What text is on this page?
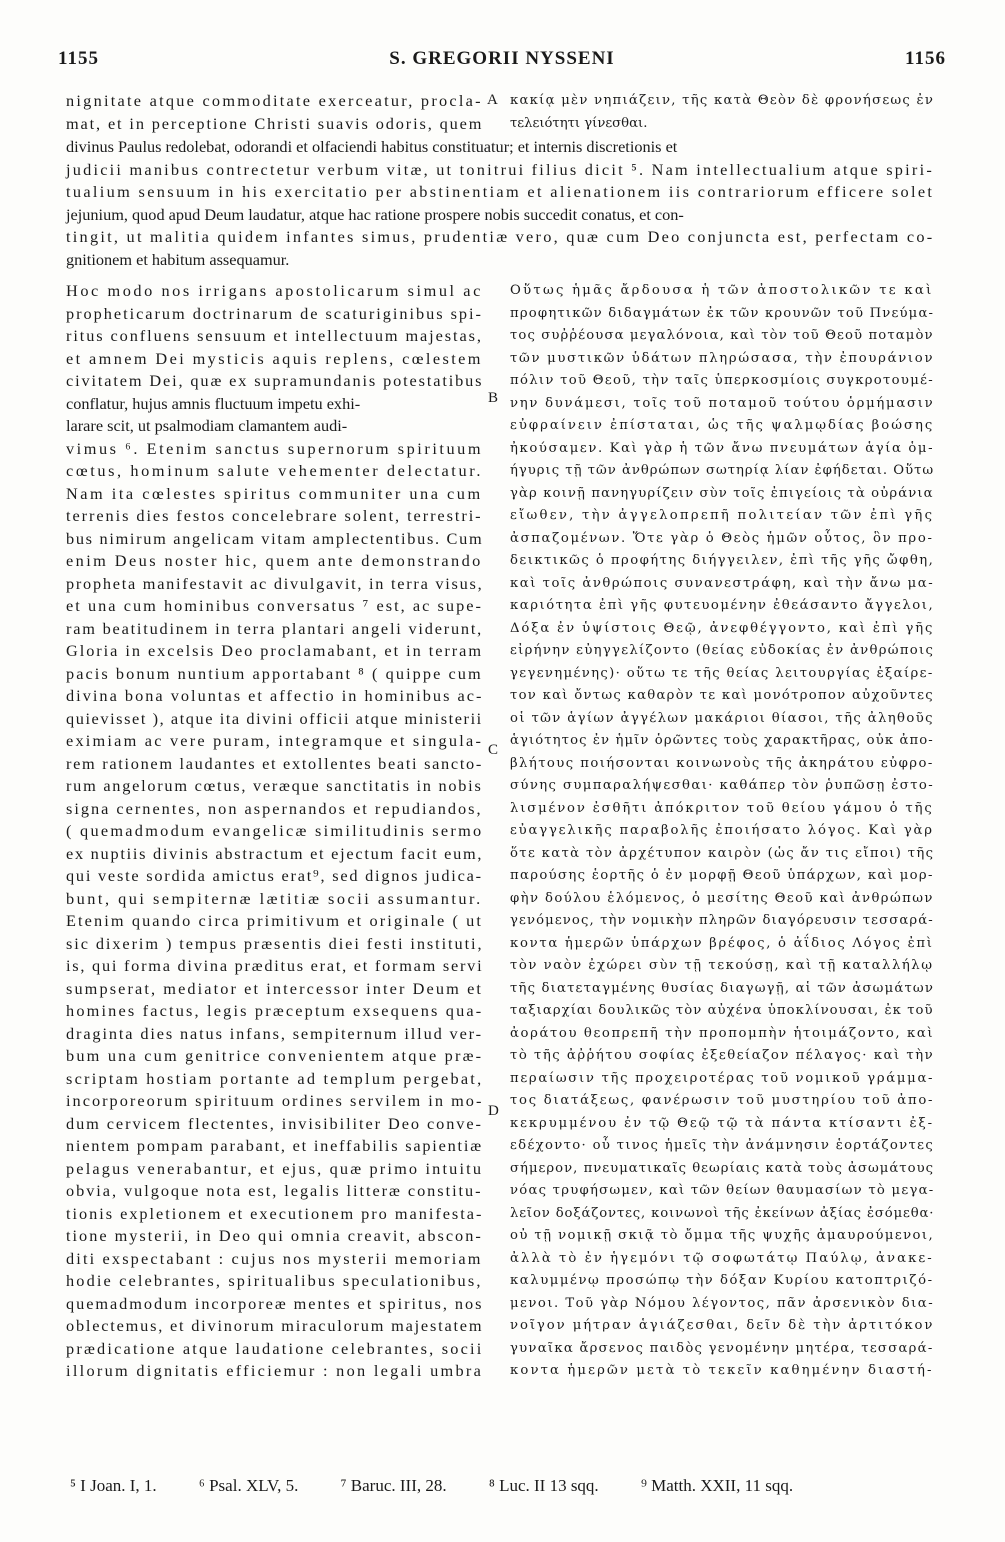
1155	S. GREGORII NYSSENI	1156
nignitate atque commoditate exerceatur, procla- κακίᾳ μὲν νηπιάζειν, τῆς κατὰ Θεὸν δὲ φρονήσεως ἐν
mat, et in perceptione Christi suavis odoris, quem τελειότητι γίνεσθαι.
divinus Paulus redolebat, odorandi et olfaciendi habitus constituatur; et internis discretionis et
judicii manibus contrectetur verbum vitæ, ut tonitrui filius dicit ⁵. Nam intellectualium atque spiri-
tualium sensuum in his exercitatio per abstinentiam et alienationem iis contrariorum efficere solet
jejunium, quod apud Deum laudatur, atque hac ratione prospere nobis succedit conatus, et con-
tingit, ut malitia quidem infantes simus, prudentiæ vero, quæ cum Deo conjuncta est, perfectam co-
gnitionem et habitum assequamur.
Hoc modo nos irrigans apostolicarum simul ac
propheticarum doctrinarum de scaturiginibus spi-
ritus confluens sensuum et intellectuum majestas,
et amnem Dei mysticis aquis replens, cœlestem
civitatem Dei, quæ ex supramundanis potestatibus
conflatur, hujus amnis fluctuum impetu exhi-
larare scit, ut psalmodiam clamantem audi-
vimus ⁶. Etenim sanctus supernorum spirituum
cœtus, hominum salute vehementer delectatur.
Nam ita cœlestes spiritus communiter una cum
terrenis dies festos concelebrare solent, terrestri-
bus nimirum angelicam vitam amplectentibus. Cum
enim Deus noster hic, quem ante demonstrando
propheta manifestavit ac divulgavit, in terra visus,
et una cum hominibus conversatus ⁷ est, ac supe-
ram beatitudinem in terra plantari angeli viderunt,
Gloria in excelsis Deo proclamabant, et in terram
pacis bonum nuntium apportabant ⁸ ( quippe cum
divina bona voluntas et affectio in hominibus ac-
quievisset ), atque ita divini officii atque ministerii
eximiam ac vere puram, integramque et singula-
rem rationem laudantes et extollentes beati sancto-
rum angelorum cœtus, veræque sanctitatis in nobis
signa cernentes, non aspernandos et repudiandos,
( quemadmodum evangelicæ similitudinis sermo
ex nuptiis divinis abstractum et ejectum facit eum,
qui veste sordida amictus erat⁹, sed dignos judica-
bunt, qui sempiternæ lætitiæ socii assumantur.
Etenim quando circa primitivum et originale ( ut
sic dixerim ) tempus præsentis diei festi instituti,
is, qui forma divina præditus erat, et formam servi
sumpserat, mediator et intercessor inter Deum et
homines factus, legis præceptum exsequens qua-
draginta dies natus infans, sempiternum illud ver-
bum una cum genitrice convenientem atque præ-
scriptam hostiam portante ad templum pergebat,
incorporeorum spirituum ordines servilem in mo-
dum cervicem flectentes, invisibiliter Deo conve-
nientem pompam parabant, et ineffabilis sapientiæ
pelagus venerabantur, et ejus, quæ primo intuitu
obvia, vulgoque nota est, legalis litteræ constitu-
tionis expletionem et executionem pro manifesta-
tione mysterii, in Deo qui omnia creavit, abscon-
diti exspectabant : cujus nos mysterii memoriam
hodie celebrantes, spiritualibus speculationibus,
quemadmodum incorporeæ mentes et spiritus, nos
oblectemus, et divinorum miraculorum majestatem
prædicatione atque laudatione celebrantes, socii
illorum dignitatis efficiemur : non legali umbra
Οὕτως ἡμᾶς ἄρδουσα ἡ τῶν ἀποστολικῶν τε καὶ
προφητικῶν διδαγμάτων ἐκ τῶν κρουνῶν τοῦ Πνεύμα-
τος συῤῥέουσα μεγαλόνοια, καὶ τὸν τοῦ Θεοῦ ποταμὸν
τῶν μυστικῶν ὑδάτων πληρώσασα, τὴν ἐπουράνιον
πόλιν τοῦ Θεοῦ, τὴν ταῖς ὑπερκοσμίοις συγκροτουμέ-
νην δυνάμεσι, τοῖς τοῦ ποταμοῦ τούτου ὁρμήμασιν
εὐφραίνειν ἐπίσταται, ὡς τῆς ψαλμῳδίας βοώσης
ἠκούσαμεν. Καὶ γὰρ ἡ τῶν ἄνω πνευμάτων ἁγία ὁμ-
ήγυρις τῇ τῶν ἀνθρώπων σωτηρίᾳ λίαν ἐφήδεται. Οὕτω
γὰρ κοινῇ πανηγυρίζειν σὺν τοῖς ἐπιγείοις τὰ οὐράνια
εἴωθεν, τὴν ἀγγελοπρεπῆ πολιτείαν τῶν ἐπὶ γῆς
ἀσπαζομένων. Ὅτε γὰρ ὁ Θεὸς ἡμῶν οὗτος, ὃν προ-
δεικτικῶς ὁ προφήτης διήγγειλεν, ἐπὶ τῆς γῆς ὤφθη,
καὶ τοῖς ἀνθρώποις συνανεστράφη, καὶ τὴν ἄνω μα-
καριότητα ἐπὶ γῆς φυτευομένην ἐθεάσαντο ἄγγελοι,
Δόξα ἐν ὑψίστοις Θεῷ, ἀνεφθέγγοντο, καὶ ἐπὶ γῆς
εἰρήνην εὐηγγελίζοντο (θείας εὐδοκίας ἐν ἀνθρώποις
γεγενημένης)· οὕτω τε τῆς θείας λειτουργίας ἐξαίρε-
τον καὶ ὄντως καθαρὸν τε καὶ μονότροπον αὐχοῦντες
οἱ τῶν ἁγίων ἀγγέλων μακάριοι θίασοι, τῆς ἀληθοῦς
ἁγιότητος ἐν ἡμῖν ὁρῶντες τοὺς χαρακτῆρας, οὐκ ἀπο-
βλήτους ποιήσονται κοινωνοὺς τῆς ἀκηράτου εὐφρο-
σύνης συμπαραλήψεσθαι· καθάπερ τὸν ῥυπῶσῃ ἐστο-
λισμένον ἐσθῆτι ἀπόκριτον τοῦ θείου γάμου ὁ τῆς
εὐαγγελικῆς παραβολῆς ἐποιήσατο λόγος. Καὶ γὰρ
ὅτε κατὰ τὸν ἀρχέτυπον καιρὸν (ὡς ἄν τις εἴποι) τῆς
παρούσης ἑορτῆς ὁ ἐν μορφῇ Θεοῦ ὑπάρχων, καὶ μορ-
φὴν δούλου ἑλόμενος, ὁ μεσίτης Θεοῦ καὶ ἀνθρώπων
γενόμενος, τὴν νομικὴν πληρῶν διαγόρευσιν τεσσαρά-
κοντα ἡμερῶν ὑπάρχων βρέφος, ὁ ἀΐδιος Λόγος ἐπὶ
τὸν ναὸν ἐχώρει σὺν τῇ τεκούσῃ, καὶ τῇ καταλλήλῳ
τῆς διατεταγμένης θυσίας διαγωγῇ, αἱ τῶν ἀσωμάτων
ταξιαρχίαι δουλικῶς τὸν αὐχένα ὑποκλίνουσαι, ἐκ τοῦ
ἀοράτου θεοπρεπῆ τὴν προπομπὴν ἡτοιμάζοντο, καὶ
τὸ τῆς ἀῤῥήτου σοφίας ἐξεθείαζον πέλαγος· καὶ τὴν
περαίωσιν τῆς προχειροτέρας τοῦ νομικοῦ γράμμα-
τος διατάξεως, φανέρωσιν τοῦ μυστηρίου τοῦ ἀπο-
κεκρυμμένου ἐν τῷ Θεῷ τῷ τὰ πάντα κτίσαντι ἐξ-
εδέχοντο· οὗ τινος ἡμεῖς τὴν ἀνάμνησιν ἑορτάζοντες
σήμερον, πνευματικαῖς θεωρίαις κατὰ τοὺς ἀσωμάτους
νόας τρυφήσωμεν, καὶ τῶν θείων θαυμασίων τὸ μεγα-
λεῖον δοξάζοντες, κοινωνοὶ τῆς ἐκείνων ἀξίας ἐσόμεθα·
οὐ τῇ νομικῇ σκιᾷ τὸ ὄμμα τῆς ψυχῆς ἀμαυρούμενοι,
ἀλλὰ τὸ ἐν ἡγεμόνι τῷ σοφωτάτῳ Παύλῳ, ἀνακε-
καλυμμένῳ προσώπῳ τὴν δόξαν Κυρίου κατοπτριζό-
μενοι. Τοῦ γὰρ Νόμου λέγοντος, πᾶν ἀρσενικὸν δια-
νοῖγον μήτραν ἁγιάζεσθαι, δεῖν δὲ τὴν ἀρτιτόκον
γυναῖκα ἄρσενος παιδὸς γενομένην μητέρα, τεσσαρά-
κοντα ἡμερῶν μετὰ τὸ τεκεῖν καθημένην διαστή-
A
B
C
D
⁵ I Joan. I, 1. ⁶ Psal. XLV, 5. ⁷ Baruc. III, 28. ⁸ Luc. II 13 sqq. ⁹ Matth. XXII, 11 sqq.
